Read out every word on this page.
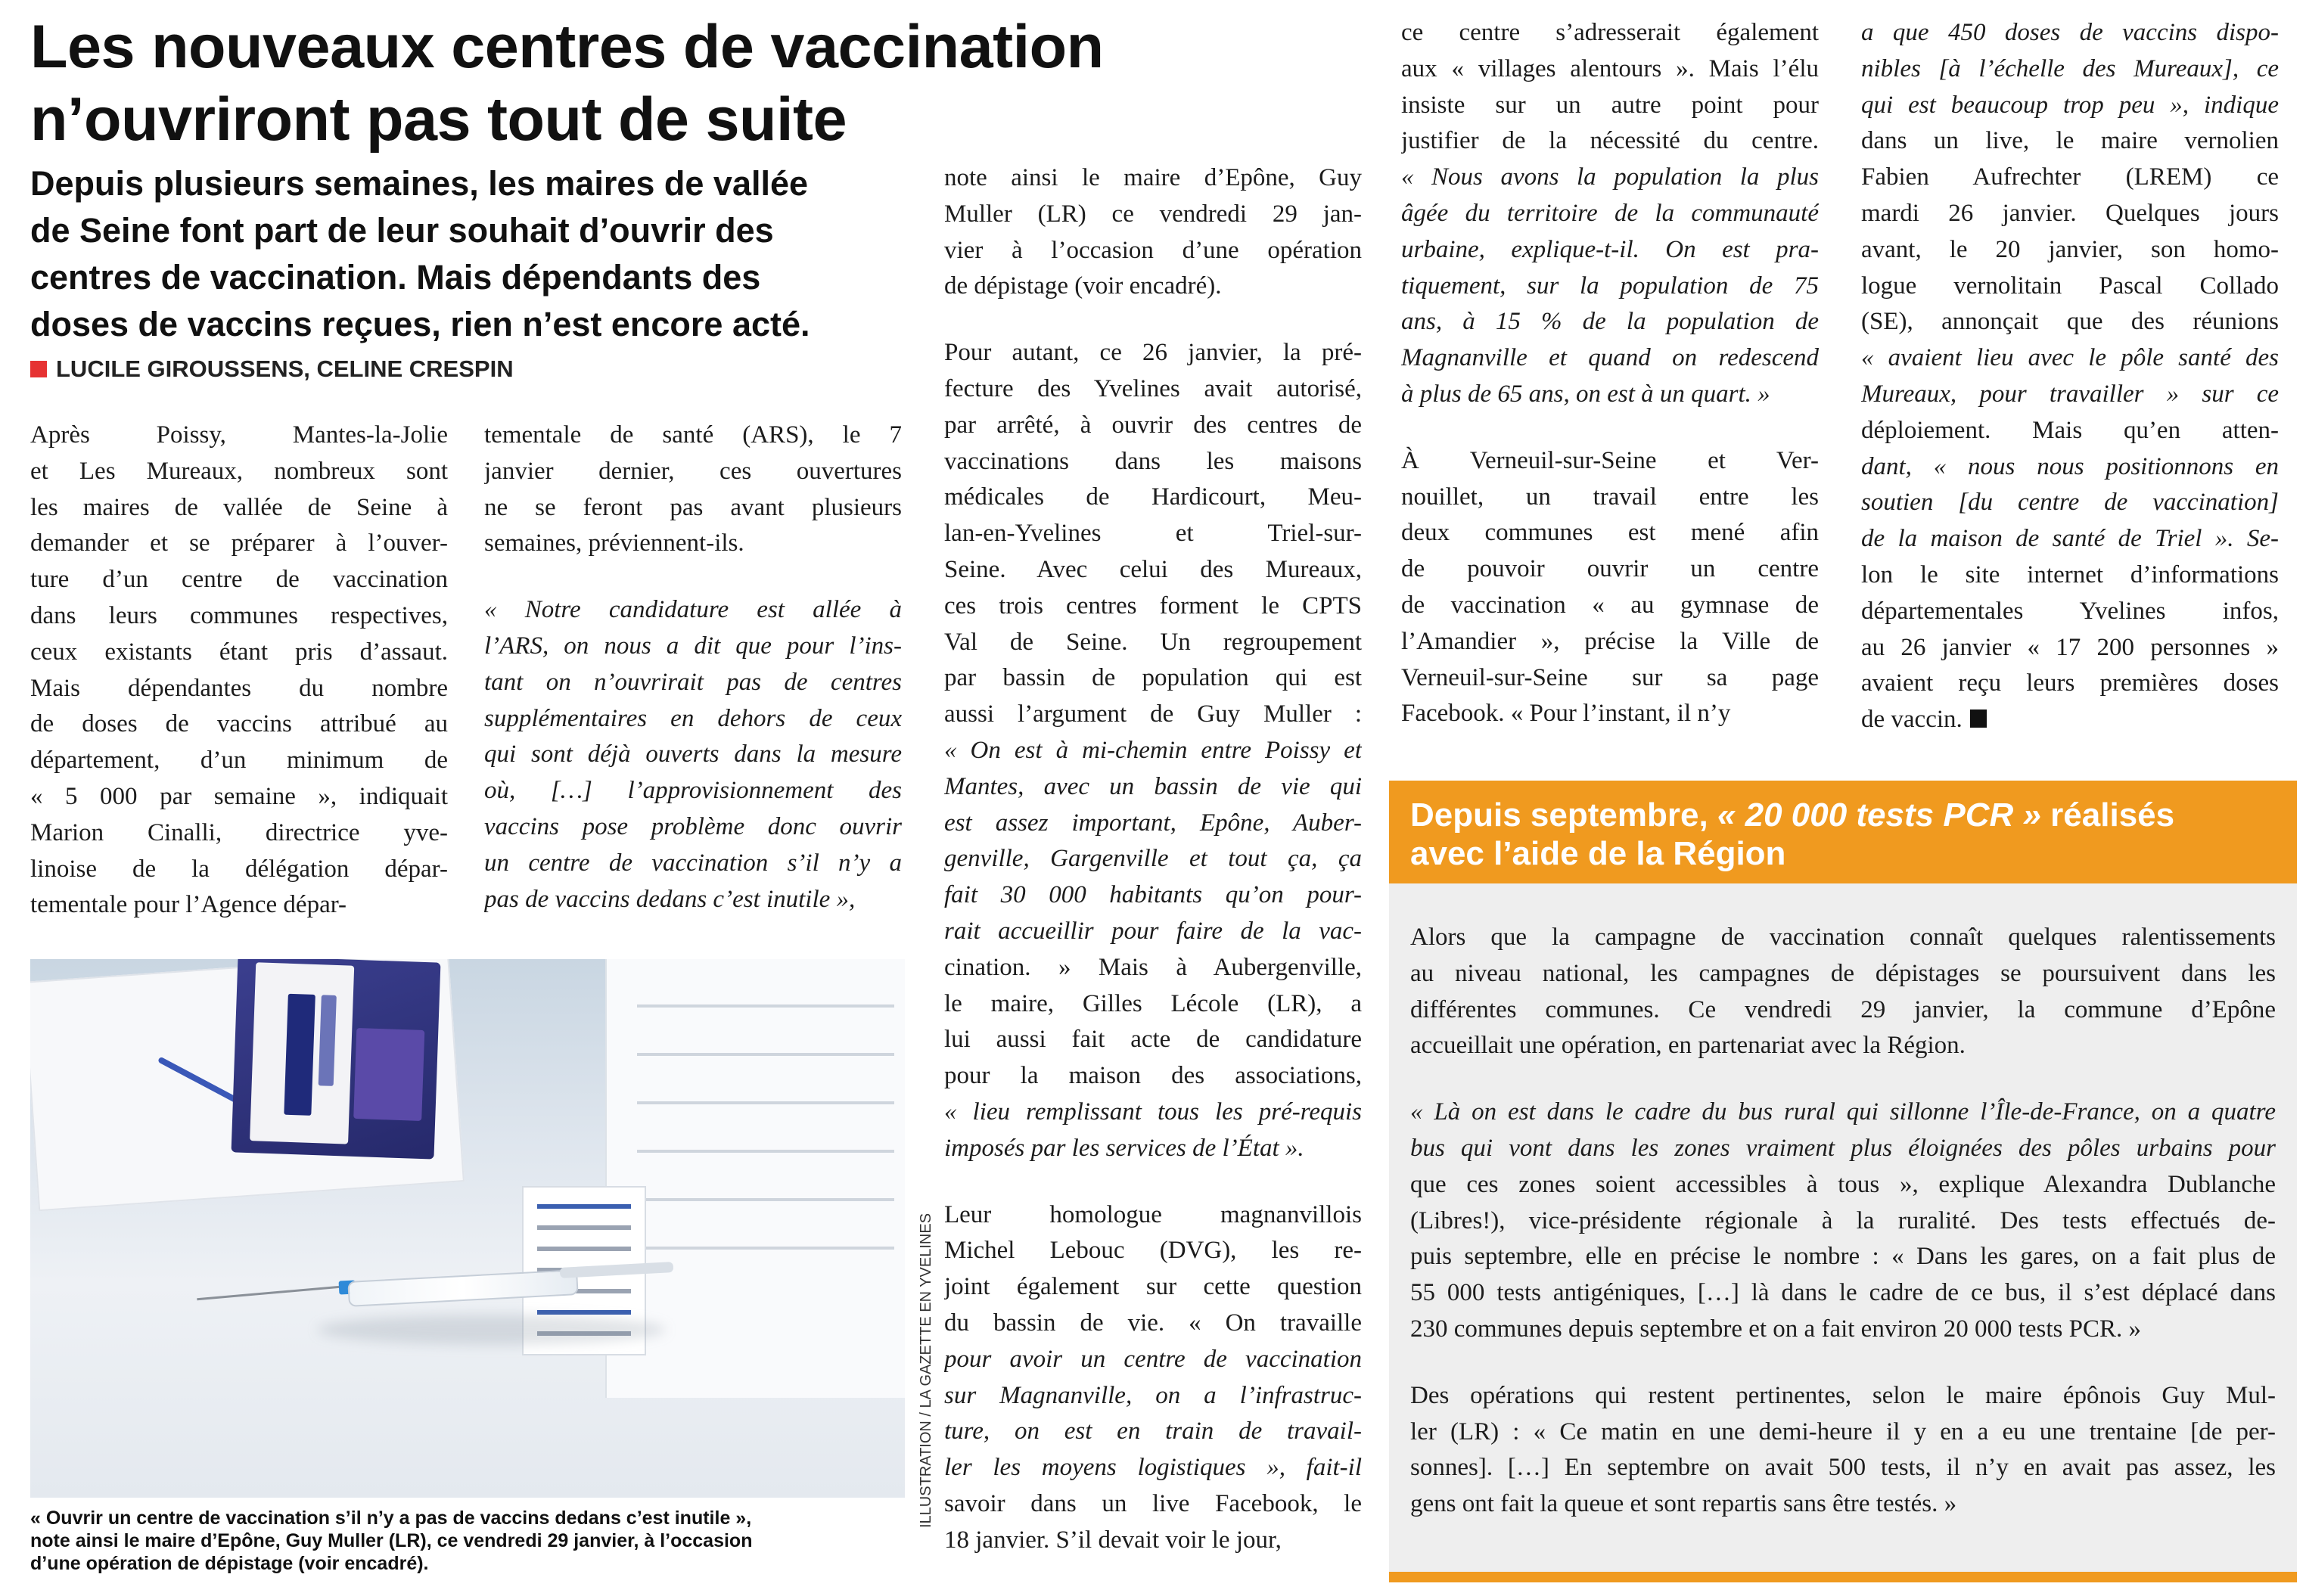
Les nouveaux centres de vaccination
n’ouvriront pas tout de suite
Depuis plusieurs semaines, les maires de vallée
de Seine font part de leur souhait d’ouvrir des
centres de vaccination. Mais dépendants des
doses de vaccins reçues, rien n’est encore acté.
LUCILE GIROUSSENS, CELINE CRESPIN

Après Poissy, Mantes-la-Jolie
et Les Mureaux, nombreux sont
les maires de vallée de Seine à
demander et se préparer à l’ouver-
ture d’un centre de vaccination
dans leurs communes respectives,
ceux existants étant pris d’assaut.
Mais dépendantes du nombre
de doses de vaccins attribué au
département, d’un minimum de
« 5 000 par semaine », indiquait
Marion Cinalli, directrice yve-
linoise de la délégation dépar-
tementale pour l’Agence dépar-

tementale de santé (ARS), le 7
janvier dernier, ces ouvertures
ne se feront pas avant plusieurs
semaines, préviennent-ils.

« Notre candidature est allée à
l’ARS, on nous a dit que pour l’ins-
tant on n’ouvrirait pas de centres
supplémentaires en dehors de ceux
qui sont déjà ouverts dans la mesure
où, […] l’approvisionnement des
vaccins pose problème donc ouvrir
un centre de vaccination s’il n’y a
pas de vaccins dedans c’est inutile »,

note ainsi le maire d’Epône, Guy
Muller (LR) ce vendredi 29 jan-
vier à l’occasion d’une opération
de dépistage (voir encadré).

Pour autant, ce 26 janvier, la pré-
fecture des Yvelines avait autorisé,
par arrêté, à ouvrir des centres de
vaccinations dans les maisons
médicales de Hardicourt, Meu-
lan-en-Yvelines et Triel-sur-
Seine. Avec celui des Mureaux,
ces trois centres forment le CPTS
Val de Seine. Un regroupement
par bassin de population qui est
aussi l’argument de Guy Muller :
« On est à mi-chemin entre Poissy et
Mantes, avec un bassin de vie qui
est assez important, Epône, Auber-
genville, Gargenville et tout ça, ça
fait 30 000 habitants qu’on pour-
rait accueillir pour faire de la vac-
cination. » Mais à Aubergenville,
le maire, Gilles Lécole (LR), a
lui aussi fait acte de candidature
pour la maison des associations,
« lieu remplissant tous les pré-requis
imposés par les services de l’État ».

Leur homologue magnanvillois
Michel Lebouc (DVG), les re-
joint également sur cette question
du bassin de vie. « On travaille
pour avoir un centre de vaccination
sur Magnanville, on a l’infrastruc-
ture, on est en train de travail-
ler les moyens logistiques », fait-il
savoir dans un live Facebook, le
18 janvier. S’il devait voir le jour,

ce centre s’adresserait également
aux « villages alentours ». Mais l’élu
insiste sur un autre point pour
justifier de la nécessité du centre.
« Nous avons la population la plus
âgée du territoire de la communauté
urbaine, explique-t-il. On est pra-
tiquement, sur la population de 75
ans, à 15 % de la population de
Magnanville et quand on redescend
à plus de 65 ans, on est à un quart. »

À Verneuil-sur-Seine et Ver-
nouillet, un travail entre les
deux communes est mené afin
de pouvoir ouvrir un centre
de vaccination « au gymnase de
l’Amandier », précise la Ville de
Verneuil-sur-Seine sur sa page
Facebook. « Pour l’instant, il n’y

a que 450 doses de vaccins dispo-
nibles [à l’échelle des Mureaux], ce
qui est beaucoup trop peu », indique
dans un live, le maire vernolien
Fabien Aufrechter (LREM) ce
mardi 26 janvier. Quelques jours
avant, le 20 janvier, son homo-
logue vernolitain Pascal Collado
(SE), annonçait que des réunions
« avaient lieu avec le pôle santé des
Mureaux, pour travailler » sur ce
déploiement. Mais qu’en atten-
dant, « nous nous positionnons en
soutien [du centre de vaccination]
de la maison de santé de Triel ». Se-
lon le site internet d’informations
départementales Yvelines infos,
au 26 janvier « 17 200 personnes »
avaient reçu leurs premières doses
de vaccin.

ILLUSTRATION / LA GAZETTE EN YVELINES
« Ouvrir un centre de vaccination s’il n’y a pas de vaccins dedans c’est inutile »,
note ainsi le maire d’Epône, Guy Muller (LR), ce vendredi 29 janvier, à l’occasion
d’une opération de dépistage (voir encadré).
Depuis septembre, « 20 000 tests PCR » réalisés
avec l’aide de la Région

Alors que la campagne de vaccination connaît quelques ralentissements
au niveau national, les campagnes de dépistages se poursuivent dans les
différentes communes. Ce vendredi 29 janvier, la commune d’Epône
accueillait une opération, en partenariat avec la Région.

« Là on est dans le cadre du bus rural qui sillonne l’Île-de-France, on a quatre
bus qui vont dans les zones vraiment plus éloignées des pôles urbains pour
que ces zones soient accessibles à tous », explique Alexandra Dublanche
(Libres!), vice-présidente régionale à la ruralité. Des tests effectués de-
puis septembre, elle en précise le nombre : « Dans les gares, on a fait plus de
55 000 tests antigéniques, […] là dans le cadre de ce bus, il s’est déplacé dans
230 communes depuis septembre et on a fait environ 20 000 tests PCR. »

Des opérations qui restent pertinentes, selon le maire épônois Guy Mul-
ler (LR) : « Ce matin en une demi-heure il y en a eu une trentaine [de per-
sonnes]. […] En septembre on avait 500 tests, il n’y en avait pas assez, les
gens ont fait la queue et sont repartis sans être testés. »
